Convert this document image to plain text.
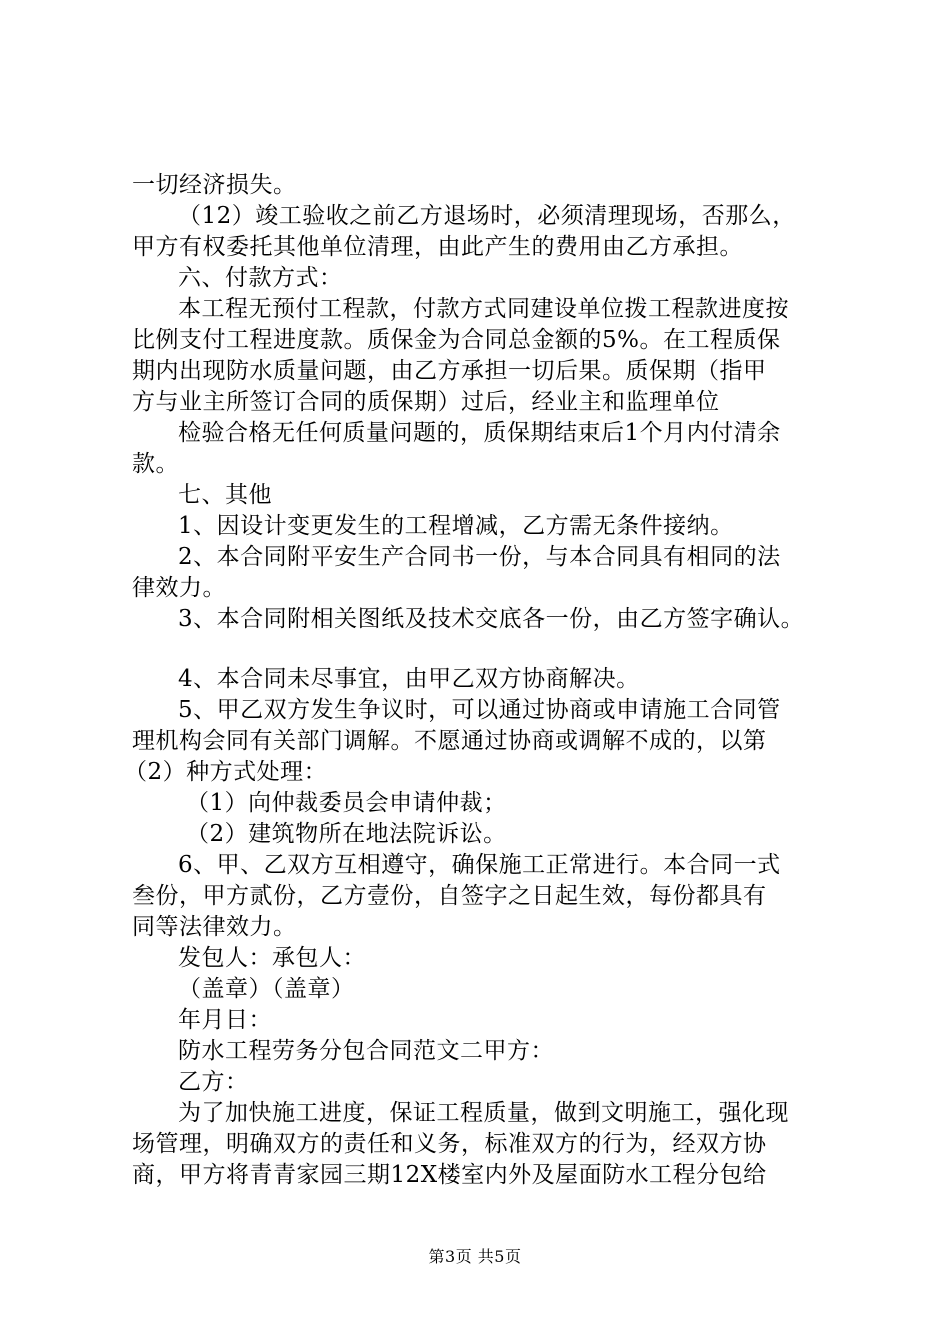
一切经济损失。
（12）竣工验收之前乙方退场时，必须清理现场，否那么，
甲方有权委托其他单位清理，由此产生的费用由乙方承担。
六、付款方式：
本工程无预付工程款，付款方式同建设单位拨工程款进度按
比例支付工程进度款。质保金为合同总金额的5%。在工程质保
期内出现防水质量问题，由乙方承担一切后果。质保期（指甲
方与业主所签订合同的质保期）过后，经业主和监理单位
检验合格无任何质量问题的，质保期结束后1个月内付清余
款。
七、其他
1、因设计变更发生的工程增减，乙方需无条件接纳。
2、本合同附平安生产合同书一份，与本合同具有相同的法
律效力。
3、本合同附相关图纸及技术交底各一份，由乙方签字确认。
4、本合同未尽事宜，由甲乙双方协商解决。
5、甲乙双方发生争议时，可以通过协商或申请施工合同管
理机构会同有关部门调解。不愿通过协商或调解不成的，以第
（2）种方式处理：
（1）向仲裁委员会申请仲裁；
（2）建筑物所在地法院诉讼。
6、甲、乙双方互相遵守，确保施工正常进行。本合同一式
叁份，甲方贰份，乙方壹份，自签字之日起生效，每份都具有
同等法律效力。
发包人：承包人：
（盖章）（盖章）
年月日：
防水工程劳务分包合同范文二甲方：
乙方：
为了加快施工进度，保证工程质量，做到文明施工，强化现
场管理，明确双方的责任和义务，标准双方的行为，经双方协
商，甲方将青青家园三期12X楼室内外及屋面防水工程分包给
第3页 共5页
